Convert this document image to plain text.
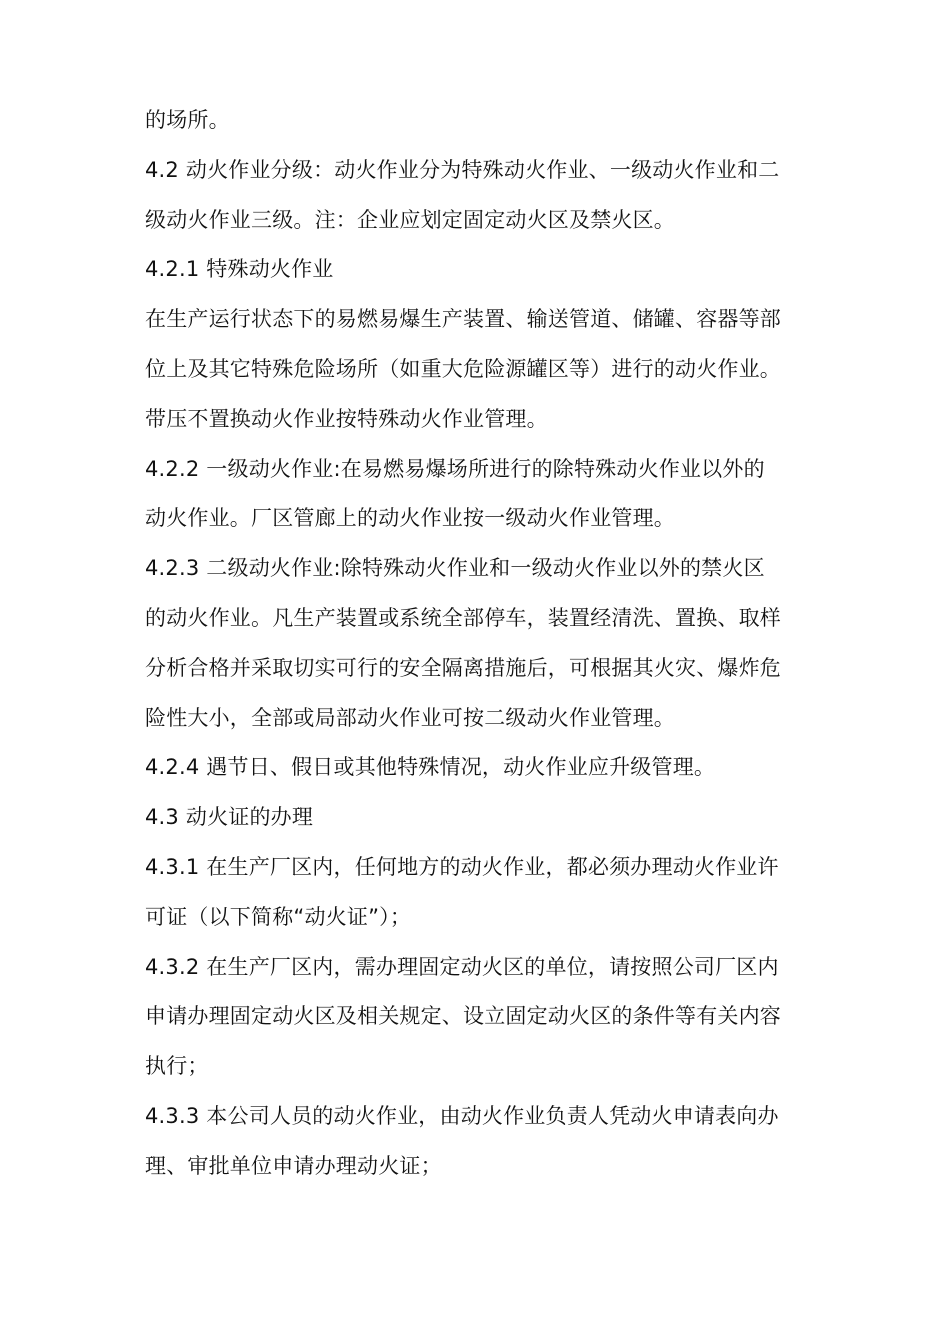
的场所。
4.2 动火作业分级：动火作业分为特殊动火作业、一级动火作业和二
级动火作业三级。注：企业应划定固定动火区及禁火区。
4.2.1 特殊动火作业
在生产运行状态下的易燃易爆生产装置、输送管道、储罐、容器等部
位上及其它特殊危险场所（如重大危险源罐区等）进行的动火作业。
带压不置换动火作业按特殊动火作业管理。
4.2.2 一级动火作业:在易燃易爆场所进行的除特殊动火作业以外的
动火作业。厂区管廊上的动火作业按一级动火作业管理。
4.2.3 二级动火作业:除特殊动火作业和一级动火作业以外的禁火区
的动火作业。凡生产装置或系统全部停车，装置经清洗、置换、取样
分析合格并采取切实可行的安全隔离措施后，可根据其火灾、爆炸危
险性大小，全部或局部动火作业可按二级动火作业管理。
4.2.4 遇节日、假日或其他特殊情况，动火作业应升级管理。
4.3 动火证的办理
4.3.1 在生产厂区内，任何地方的动火作业，都必须办理动火作业许
可证（以下简称“动火证”）；
4.3.2 在生产厂区内，需办理固定动火区的单位，请按照公司厂区内
申请办理固定动火区及相关规定、设立固定动火区的条件等有关内容
执行；
4.3.3 本公司人员的动火作业，由动火作业负责人凭动火申请表向办
理、审批单位申请办理动火证；
